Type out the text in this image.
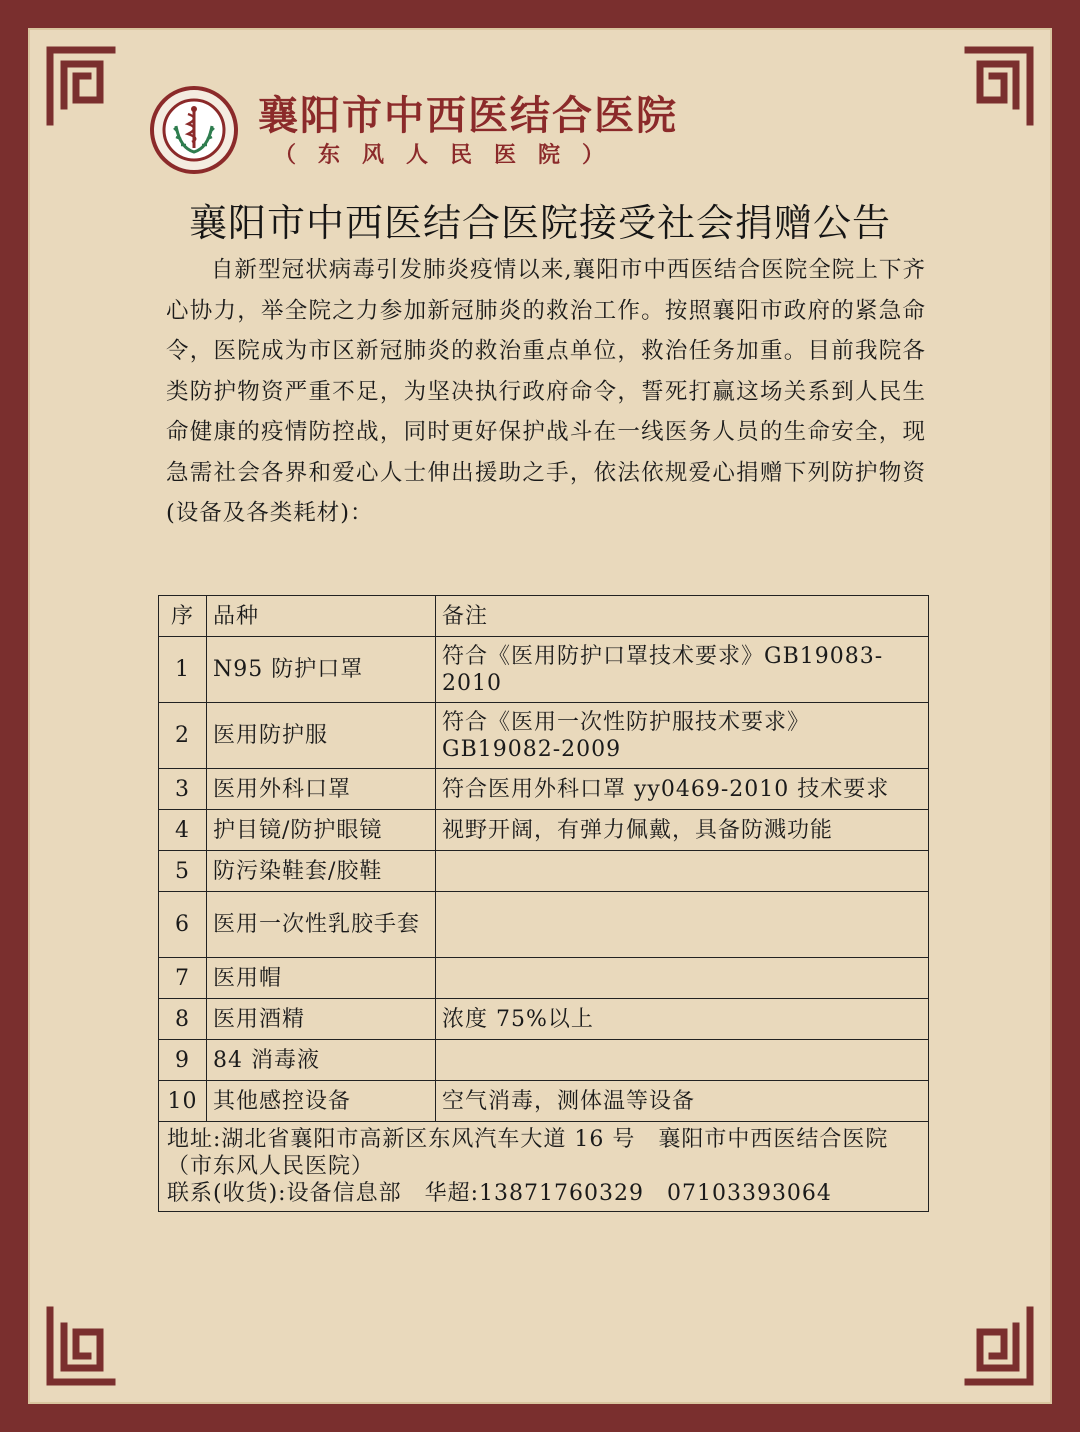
襄阳市中西医结合医院
（东风人民医院）
襄阳市中西医结合医院接受社会捐赠公告

自新型冠状病毒引发肺炎疫情以来,襄阳市中西医结合医院全院上下齐心协力，举全院之力参加新冠肺炎的救治工作。按照襄阳市政府的紧急命令，医院成为市区新冠肺炎的救治重点单位，救治任务加重。目前我院各类防护物资严重不足，为坚决执行政府命令，誓死打赢这场关系到人民生命健康的疫情防控战，同时更好保护战斗在一线医务人员的生命安全，现急需社会各界和爱心人士伸出援助之手，依法依规爱心捐赠下列防护物资(设备及各类耗材)：

序	品种	备注
1	N95 防护口罩	符合《医用防护口罩技术要求》GB19083-2010
2	医用防护服	符合《医用一次性防护服技术要求》GB19082-2009
3	医用外科口罩	符合医用外科口罩 yy0469-2010 技术要求
4	护目镜/防护眼镜	视野开阔，有弹力佩戴，具备防溅功能
5	防污染鞋套/胶鞋	
6	医用一次性乳胶手套	
7	医用帽	
8	医用酒精	浓度 75%以上
9	84 消毒液	
10	其他感控设备	空气消毒，测体温等设备

地址:湖北省襄阳市高新区东风汽车大道 16 号　襄阳市中西医结合医院（市东风人民医院）
联系(收货):设备信息部　华超:13871760329　07103393064		
